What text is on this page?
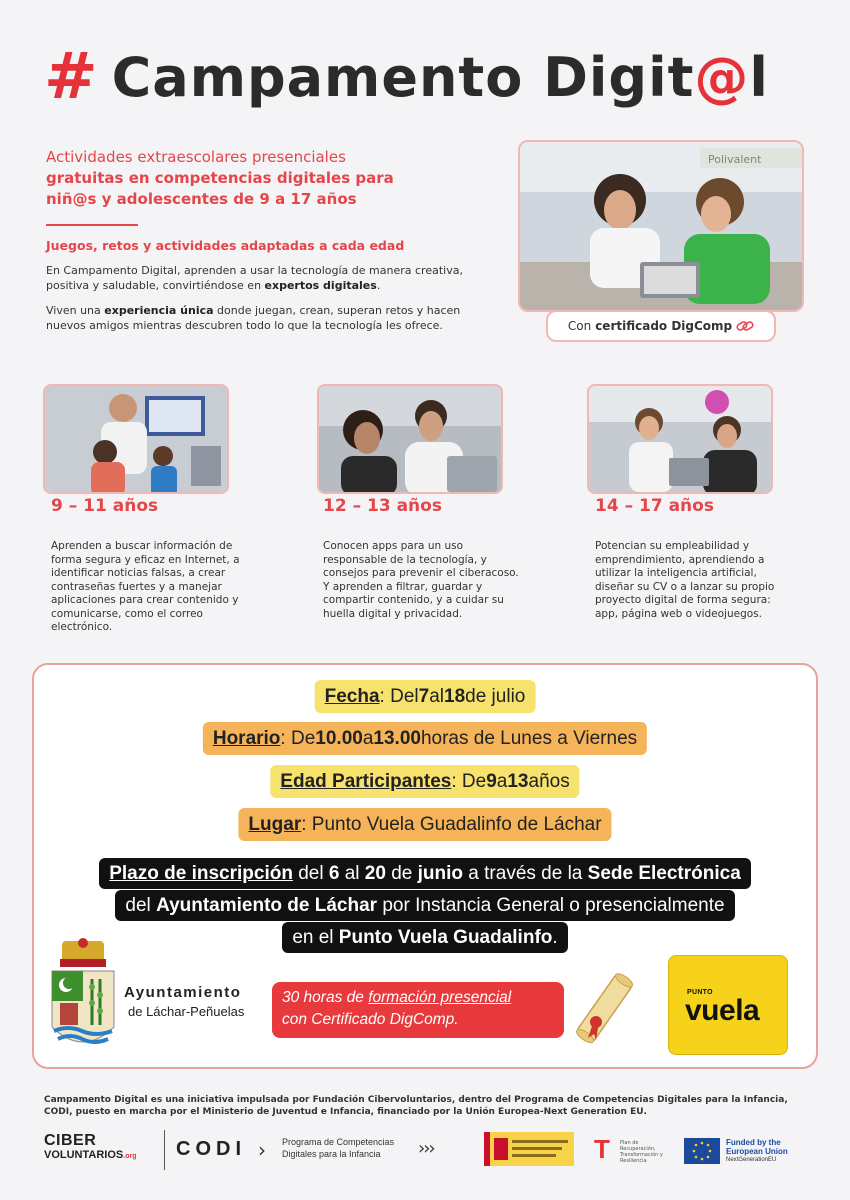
# Campamento Digit@l
Actividades extraescolares presenciales
gratuitas en competencias digitales para
niñ@s y adolescentes de 9 a 17 años
Juegos, retos y actividades adaptadas a cada edad

En Campamento Digital, aprenden a usar la tecnología de manera creativa, positiva y saludable, convirtiéndose en expertos digitales.

Viven una experiencia única donde juegan, crean, superan retos y hacen nuevos amigos mientras descubren todo lo que la tecnología les ofrece.

Polivalent
Con certificado DigComp
9 – 11 años
Aprenden a buscar información de forma segura y eficaz en Internet, a identificar noticias falsas, a crear contraseñas fuertes y a manejar aplicaciones para crear contenido y comunicarse, como el correo electrónico.
12 – 13 años
Conocen apps para un uso responsable de la tecnología, y consejos para prevenir el ciberacoso. Y aprenden a filtrar, guardar y compartir contenido, y a cuidar su huella digital y privacidad.
14 – 17 años
Potencian su empleabilidad y emprendimiento, aprendiendo a utilizar la inteligencia artificial, diseñar su CV o a lanzar su propio proyecto digital de forma segura: app, página web o videojuegos.
Fecha : Del 7 al 18 de julio
Horario : De 10.00 a 13.00 horas de Lunes a Viernes
Edad Participantes : De 9 a 13 años
Lugar : Punto Vuela Guadalinfo de Láchar
Plazo de inscripción del 6 al 20 de junio a través de la Sede Electrónica
del Ayuntamiento de Láchar por Instancia General o presencialmente
en el Punto Vuela Guadalinfo.
Ayuntamiento
de Láchar-Peñuelas
30 horas de formación presencial
con Certificado DigComp.
PUNTO
vuela
Campamento Digital es una iniciativa impulsada por Fundación Cibervoluntarios, dentro del Programa de Competencias Digitales para la Infancia, CODI, puesto en marcha por el Ministerio de Juventud e Infancia, financiado por la Unión Europea-Next Generation EU.
CIBER
VOLUNTARIOS.org CODI › Programa de Competencias
Digitales para la Infancia	›››	T Plan de Recuperación, Transformación y Resiliencia
Funded by the
European Union
NextGenerationEU
